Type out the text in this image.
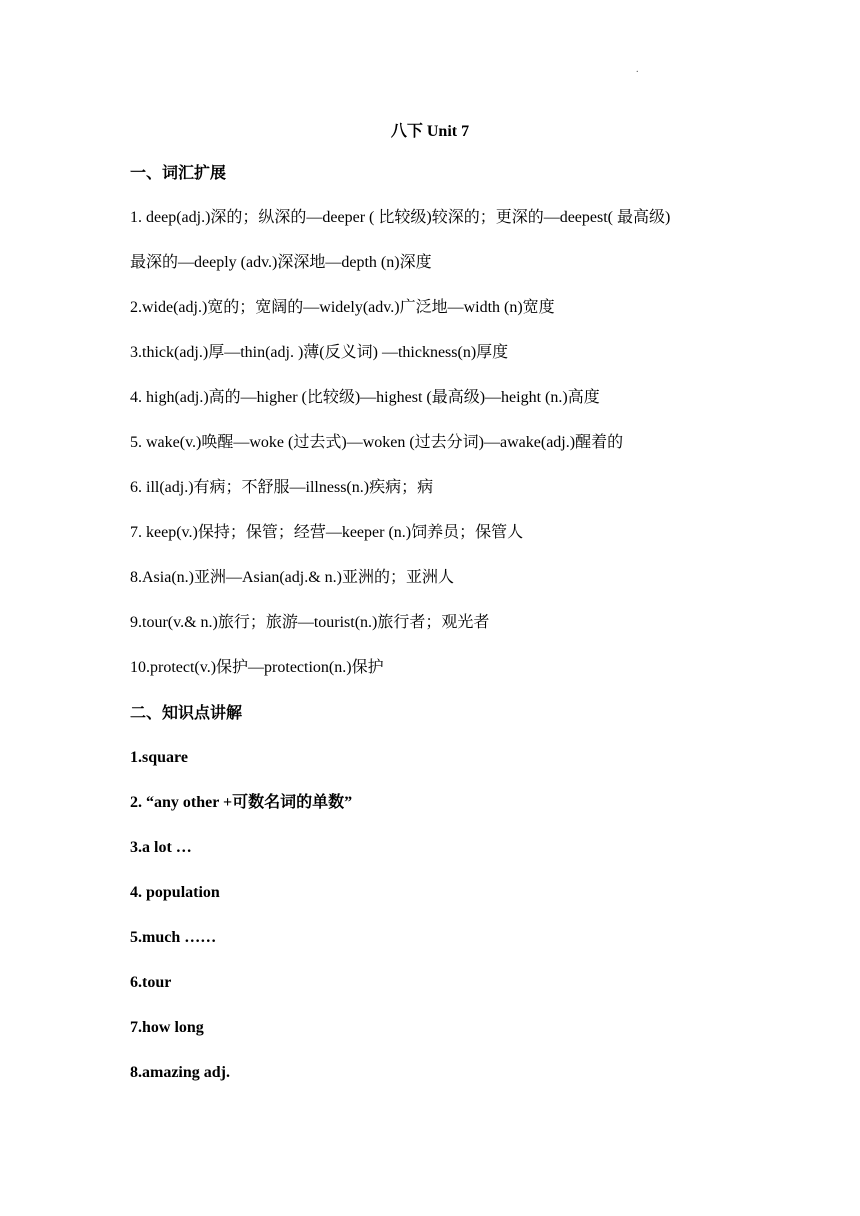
.
八下 Unit 7
一、词汇扩展
1. deep(adj.)深的；纵深的—deeper ( 比较级)较深的；更深的—deepest( 最高级)
最深的—deeply (adv.)深深地—depth (n)深度
2.wide(adj.)宽的；宽阔的—widely(adv.)广泛地—width (n)宽度
3.thick(adj.)厚—thin(adj. )薄(反义词) —thickness(n)厚度
4. high(adj.)高的—higher (比较级)—highest (最高级)—height (n.)高度
5. wake(v.)唤醒—woke (过去式)—woken (过去分词)—awake(adj.)醒着的
6. ill(adj.)有病；不舒服—illness(n.)疾病；病
7. keep(v.)保持；保管；经营—keeper (n.)饲养员；保管人
8.Asia(n.)亚洲—Asian(adj.& n.)亚洲的；亚洲人
9.tour(v.& n.)旅行；旅游—tourist(n.)旅行者；观光者
10.protect(v.)保护—protection(n.)保护
二、知识点讲解
1.square
2. “any other +可数名词的单数”
3.a lot …
4. population
5.much ……
6.tour
7.how long
8.amazing adj.
